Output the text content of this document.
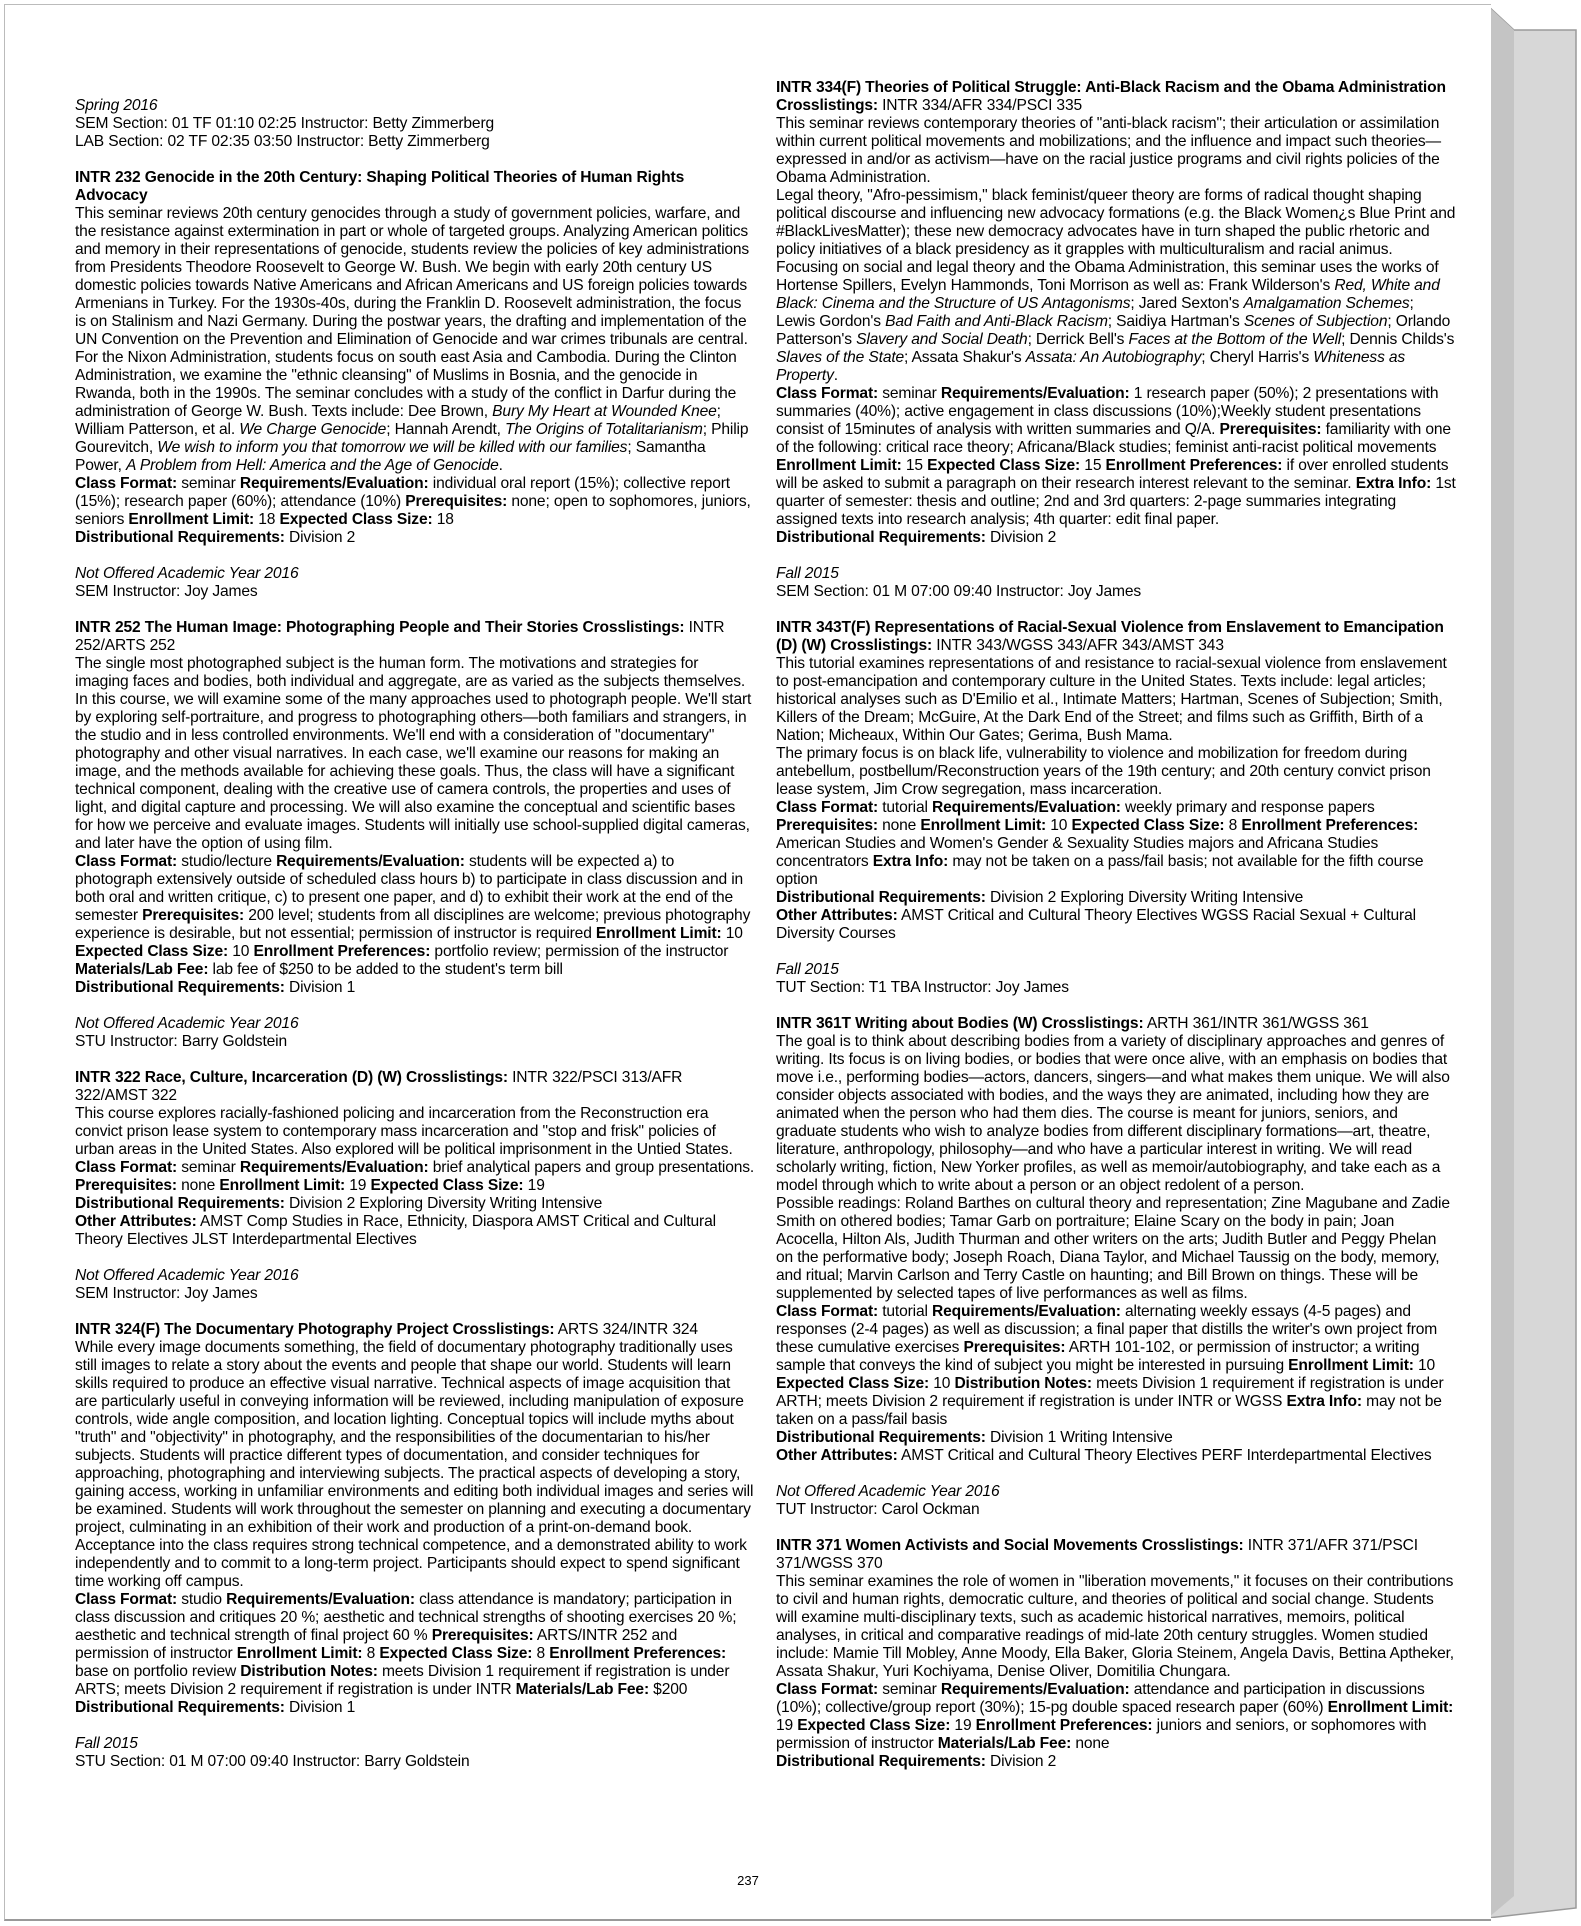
Spring 2016

SEM Section: 01 TF 01:10 02:25 Instructor: Betty Zimmerberg

LAB Section: 02 TF 02:35 03:50 Instructor: Betty Zimmerberg

INTR 232 Genocide in the 20th Century: Shaping Political Theories of Human Rights Advocacy

This seminar reviews 20th century genocides through a study of government policies, warfare, and the resistance against extermination in part or whole of targeted groups. Analyzing American politics and memory in their representations of genocide, students review the policies of key administrations from Presidents Theodore Roosevelt to George W. Bush. We begin with early 20th century US domestic policies towards Native Americans and African Americans and US foreign policies towards Armenians in Turkey. For the 1930s-40s, during the Franklin D. Roosevelt administration, the focus is on Stalinism and Nazi Germany. During the postwar years, the drafting and implementation of the UN Convention on the Prevention and Elimination of Genocide and war crimes tribunals are central. For the Nixon Administration, students focus on south east Asia and Cambodia. During the Clinton Administration, we examine the "ethnic cleansing" of Muslims in Bosnia, and the genocide in Rwanda, both in the 1990s. The seminar concludes with a study of the conflict in Darfur during the administration of George W. Bush. Texts include: Dee Brown, Bury My Heart at Wounded Knee; William Patterson, et al. We Charge Genocide; Hannah Arendt, The Origins of Totalitarianism; Philip Gourevitch, We wish to inform you that tomorrow we will be killed with our families; Samantha Power, A Problem from Hell: America and the Age of Genocide.

Class Format: seminar Requirements/Evaluation: individual oral report (15%); collective report (15%); research paper (60%); attendance (10%) Prerequisites: none; open to sophomores, juniors, seniors Enrollment Limit: 18 Expected Class Size: 18

Distributional Requirements: Division 2

Not Offered Academic Year 2016

SEM Instructor: Joy James

INTR 252 The Human Image: Photographing People and Their Stories Crosslistings: INTR 252/ARTS 252

The single most photographed subject is the human form. The motivations and strategies for imaging faces and bodies, both individual and aggregate, are as varied as the subjects themselves. In this course, we will examine some of the many approaches used to photograph people. We'll start by exploring self-portraiture, and progress to photographing others—both familiars and strangers, in the studio and in less controlled environments. We'll end with a consideration of "documentary" photography and other visual narratives. In each case, we'll examine our reasons for making an image, and the methods available for achieving these goals. Thus, the class will have a significant technical component, dealing with the creative use of camera controls, the properties and uses of light, and digital capture and processing. We will also examine the conceptual and scientific bases for how we perceive and evaluate images. Students will initially use school-supplied digital cameras, and later have the option of using film.

Class Format: studio/lecture Requirements/Evaluation: students will be expected a) to photograph extensively outside of scheduled class hours b) to participate in class discussion and in both oral and written critique, c) to present one paper, and d) to exhibit their work at the end of the semester Prerequisites: 200 level; students from all disciplines are welcome; previous photography experience is desirable, but not essential; permission of instructor is required Enrollment Limit: 10 Expected Class Size: 10 Enrollment Preferences: portfolio review; permission of the instructor Materials/Lab Fee: lab fee of $250 to be added to the student's term bill

Distributional Requirements: Division 1

Not Offered Academic Year 2016

STU Instructor: Barry Goldstein

INTR 322 Race, Culture, Incarceration (D) (W) Crosslistings: INTR 322/PSCI 313/AFR 322/AMST 322

This course explores racially-fashioned policing and incarceration from the Reconstruction era convict prison lease system to contemporary mass incarceration and "stop and frisk" policies of urban areas in the United States. Also explored will be political imprisonment in the Untied States.

Class Format: seminar Requirements/Evaluation: brief analytical papers and group presentations. Prerequisites: none Enrollment Limit: 19 Expected Class Size: 19

Distributional Requirements: Division 2 Exploring Diversity Writing Intensive

Other Attributes: AMST Comp Studies in Race, Ethnicity, Diaspora AMST Critical and Cultural Theory Electives JLST Interdepartmental Electives

Not Offered Academic Year 2016

SEM Instructor: Joy James

INTR 324(F) The Documentary Photography Project Crosslistings: ARTS 324/INTR 324

While every image documents something, the field of documentary photography traditionally uses still images to relate a story about the events and people that shape our world. Students will learn skills required to produce an effective visual narrative. Technical aspects of image acquisition that are particularly useful in conveying information will be reviewed, including manipulation of exposure controls, wide angle composition, and location lighting. Conceptual topics will include myths about "truth" and "objectivity" in photography, and the responsibilities of the documentarian to his/her subjects. Students will practice different types of documentation, and consider techniques for approaching, photographing and interviewing subjects. The practical aspects of developing a story, gaining access, working in unfamiliar environments and editing both individual images and series will be examined. Students will work throughout the semester on planning and executing a documentary project, culminating in an exhibition of their work and production of a print-on-demand book. Acceptance into the class requires strong technical competence, and a demonstrated ability to work independently and to commit to a long-term project. Participants should expect to spend significant time working off campus.

Class Format: studio Requirements/Evaluation: class attendance is mandatory; participation in class discussion and critiques 20 %; aesthetic and technical strengths of shooting exercises 20 %; aesthetic and technical strength of final project 60 % Prerequisites: ARTS/INTR 252 and permission of instructor Enrollment Limit: 8 Expected Class Size: 8 Enrollment Preferences: base on portfolio review Distribution Notes: meets Division 1 requirement if registration is under ARTS; meets Division 2 requirement if registration is under INTR Materials/Lab Fee: $200

Distributional Requirements: Division 1

Fall 2015

STU Section: 01 M 07:00 09:40 Instructor: Barry Goldstein

INTR 334(F) Theories of Political Struggle: Anti-Black Racism and the Obama Administration Crosslistings: INTR 334/AFR 334/PSCI 335

This seminar reviews contemporary theories of "anti-black racism"; their articulation or assimilation within current political movements and mobilizations; and the influence and impact such theories—expressed in and/or as activism—have on the racial justice programs and civil rights policies of the Obama Administration.

Legal theory, "Afro-pessimism," black feminist/queer theory are forms of radical thought shaping political discourse and influencing new advocacy formations (e.g. the Black Women¿s Blue Print and #BlackLivesMatter); these new democracy advocates have in turn shaped the public rhetoric and policy initiatives of a black presidency as it grapples with multiculturalism and racial animus.

Focusing on social and legal theory and the Obama Administration, this seminar uses the works of Hortense Spillers, Evelyn Hammonds, Toni Morrison as well as: Frank Wilderson's Red, White and Black: Cinema and the Structure of US Antagonisms; Jared Sexton's Amalgamation Schemes; Lewis Gordon's Bad Faith and Anti-Black Racism; Saidiya Hartman's Scenes of Subjection; Orlando Patterson's Slavery and Social Death; Derrick Bell's Faces at the Bottom of the Well; Dennis Childs's Slaves of the State; Assata Shakur's Assata: An Autobiography; Cheryl Harris's Whiteness as Property.

Class Format: seminar Requirements/Evaluation: 1 research paper (50%); 2 presentations with summaries (40%); active engagement in class discussions (10%);Weekly student presentations consist of 15minutes of analysis with written summaries and Q/A. Prerequisites: familiarity with one of the following: critical race theory; Africana/Black studies; feminist anti-racist political movements Enrollment Limit: 15 Expected Class Size: 15 Enrollment Preferences: if over enrolled students will be asked to submit a paragraph on their research interest relevant to the seminar. Extra Info: 1st quarter of semester: thesis and outline; 2nd and 3rd quarters: 2-page summaries integrating assigned texts into research analysis; 4th quarter: edit final paper.

Distributional Requirements: Division 2

Fall 2015

SEM Section: 01 M 07:00 09:40 Instructor: Joy James

INTR 343T(F) Representations of Racial-Sexual Violence from Enslavement to Emancipation (D) (W) Crosslistings: INTR 343/WGSS 343/AFR 343/AMST 343

This tutorial examines representations of and resistance to racial-sexual violence from enslavement to post-emancipation and contemporary culture in the United States. Texts include: legal articles; historical analyses such as D'Emilio et al., Intimate Matters; Hartman, Scenes of Subjection; Smith, Killers of the Dream; McGuire, At the Dark End of the Street; and films such as Griffith, Birth of a Nation; Micheaux, Within Our Gates; Gerima, Bush Mama.

The primary focus is on black life, vulnerability to violence and mobilization for freedom during antebellum, postbellum/Reconstruction years of the 19th century; and 20th century convict prison lease system, Jim Crow segregation, mass incarceration.

Class Format: tutorial Requirements/Evaluation: weekly primary and response papers Prerequisites: none Enrollment Limit: 10 Expected Class Size: 8 Enrollment Preferences: American Studies and Women's Gender & Sexuality Studies majors and Africana Studies concentrators Extra Info: may not be taken on a pass/fail basis; not available for the fifth course option

Distributional Requirements: Division 2 Exploring Diversity Writing Intensive

Other Attributes: AMST Critical and Cultural Theory Electives WGSS Racial Sexual + Cultural Diversity Courses

Fall 2015

TUT Section: T1 TBA Instructor: Joy James

INTR 361T Writing about Bodies (W) Crosslistings: ARTH 361/INTR 361/WGSS 361

The goal is to think about describing bodies from a variety of disciplinary approaches and genres of writing. Its focus is on living bodies, or bodies that were once alive, with an emphasis on bodies that move i.e., performing bodies—actors, dancers, singers—and what makes them unique. We will also consider objects associated with bodies, and the ways they are animated, including how they are animated when the person who had them dies. The course is meant for juniors, seniors, and graduate students who wish to analyze bodies from different disciplinary formations—art, theatre, literature, anthropology, philosophy—and who have a particular interest in writing. We will read scholarly writing, fiction, New Yorker profiles, as well as memoir/autobiography, and take each as a model through which to write about a person or an object redolent of a person.

Possible readings: Roland Barthes on cultural theory and representation; Zine Magubane and Zadie Smith on othered bodies; Tamar Garb on portraiture; Elaine Scary on the body in pain; Joan Acocella, Hilton Als, Judith Thurman and other writers on the arts; Judith Butler and Peggy Phelan on the performative body; Joseph Roach, Diana Taylor, and Michael Taussig on the body, memory, and ritual; Marvin Carlson and Terry Castle on haunting; and Bill Brown on things. These will be supplemented by selected tapes of live performances as well as films.

Class Format: tutorial Requirements/Evaluation: alternating weekly essays (4-5 pages) and responses (2-4 pages) as well as discussion; a final paper that distills the writer's own project from these cumulative exercises Prerequisites: ARTH 101-102, or permission of instructor; a writing sample that conveys the kind of subject you might be interested in pursuing Enrollment Limit: 10 Expected Class Size: 10 Distribution Notes: meets Division 1 requirement if registration is under ARTH; meets Division 2 requirement if registration is under INTR or WGSS Extra Info: may not be taken on a pass/fail basis

Distributional Requirements: Division 1 Writing Intensive

Other Attributes: AMST Critical and Cultural Theory Electives PERF Interdepartmental Electives

Not Offered Academic Year 2016

TUT Instructor: Carol Ockman

INTR 371 Women Activists and Social Movements Crosslistings: INTR 371/AFR 371/PSCI 371/WGSS 370

This seminar examines the role of women in "liberation movements," it focuses on their contributions to civil and human rights, democratic culture, and theories of political and social change. Students will examine multi-disciplinary texts, such as academic historical narratives, memoirs, political analyses, in critical and comparative readings of mid-late 20th century struggles. Women studied include: Mamie Till Mobley, Anne Moody, Ella Baker, Gloria Steinem, Angela Davis, Bettina Aptheker, Assata Shakur, Yuri Kochiyama, Denise Oliver, Domitilia Chungara.

Class Format: seminar Requirements/Evaluation: attendance and participation in discussions (10%); collective/group report (30%); 15-pg double spaced research paper (60%) Enrollment Limit: 19 Expected Class Size: 19 Enrollment Preferences: juniors and seniors, or sophomores with permission of instructor Materials/Lab Fee: none

Distributional Requirements: Division 2

237
